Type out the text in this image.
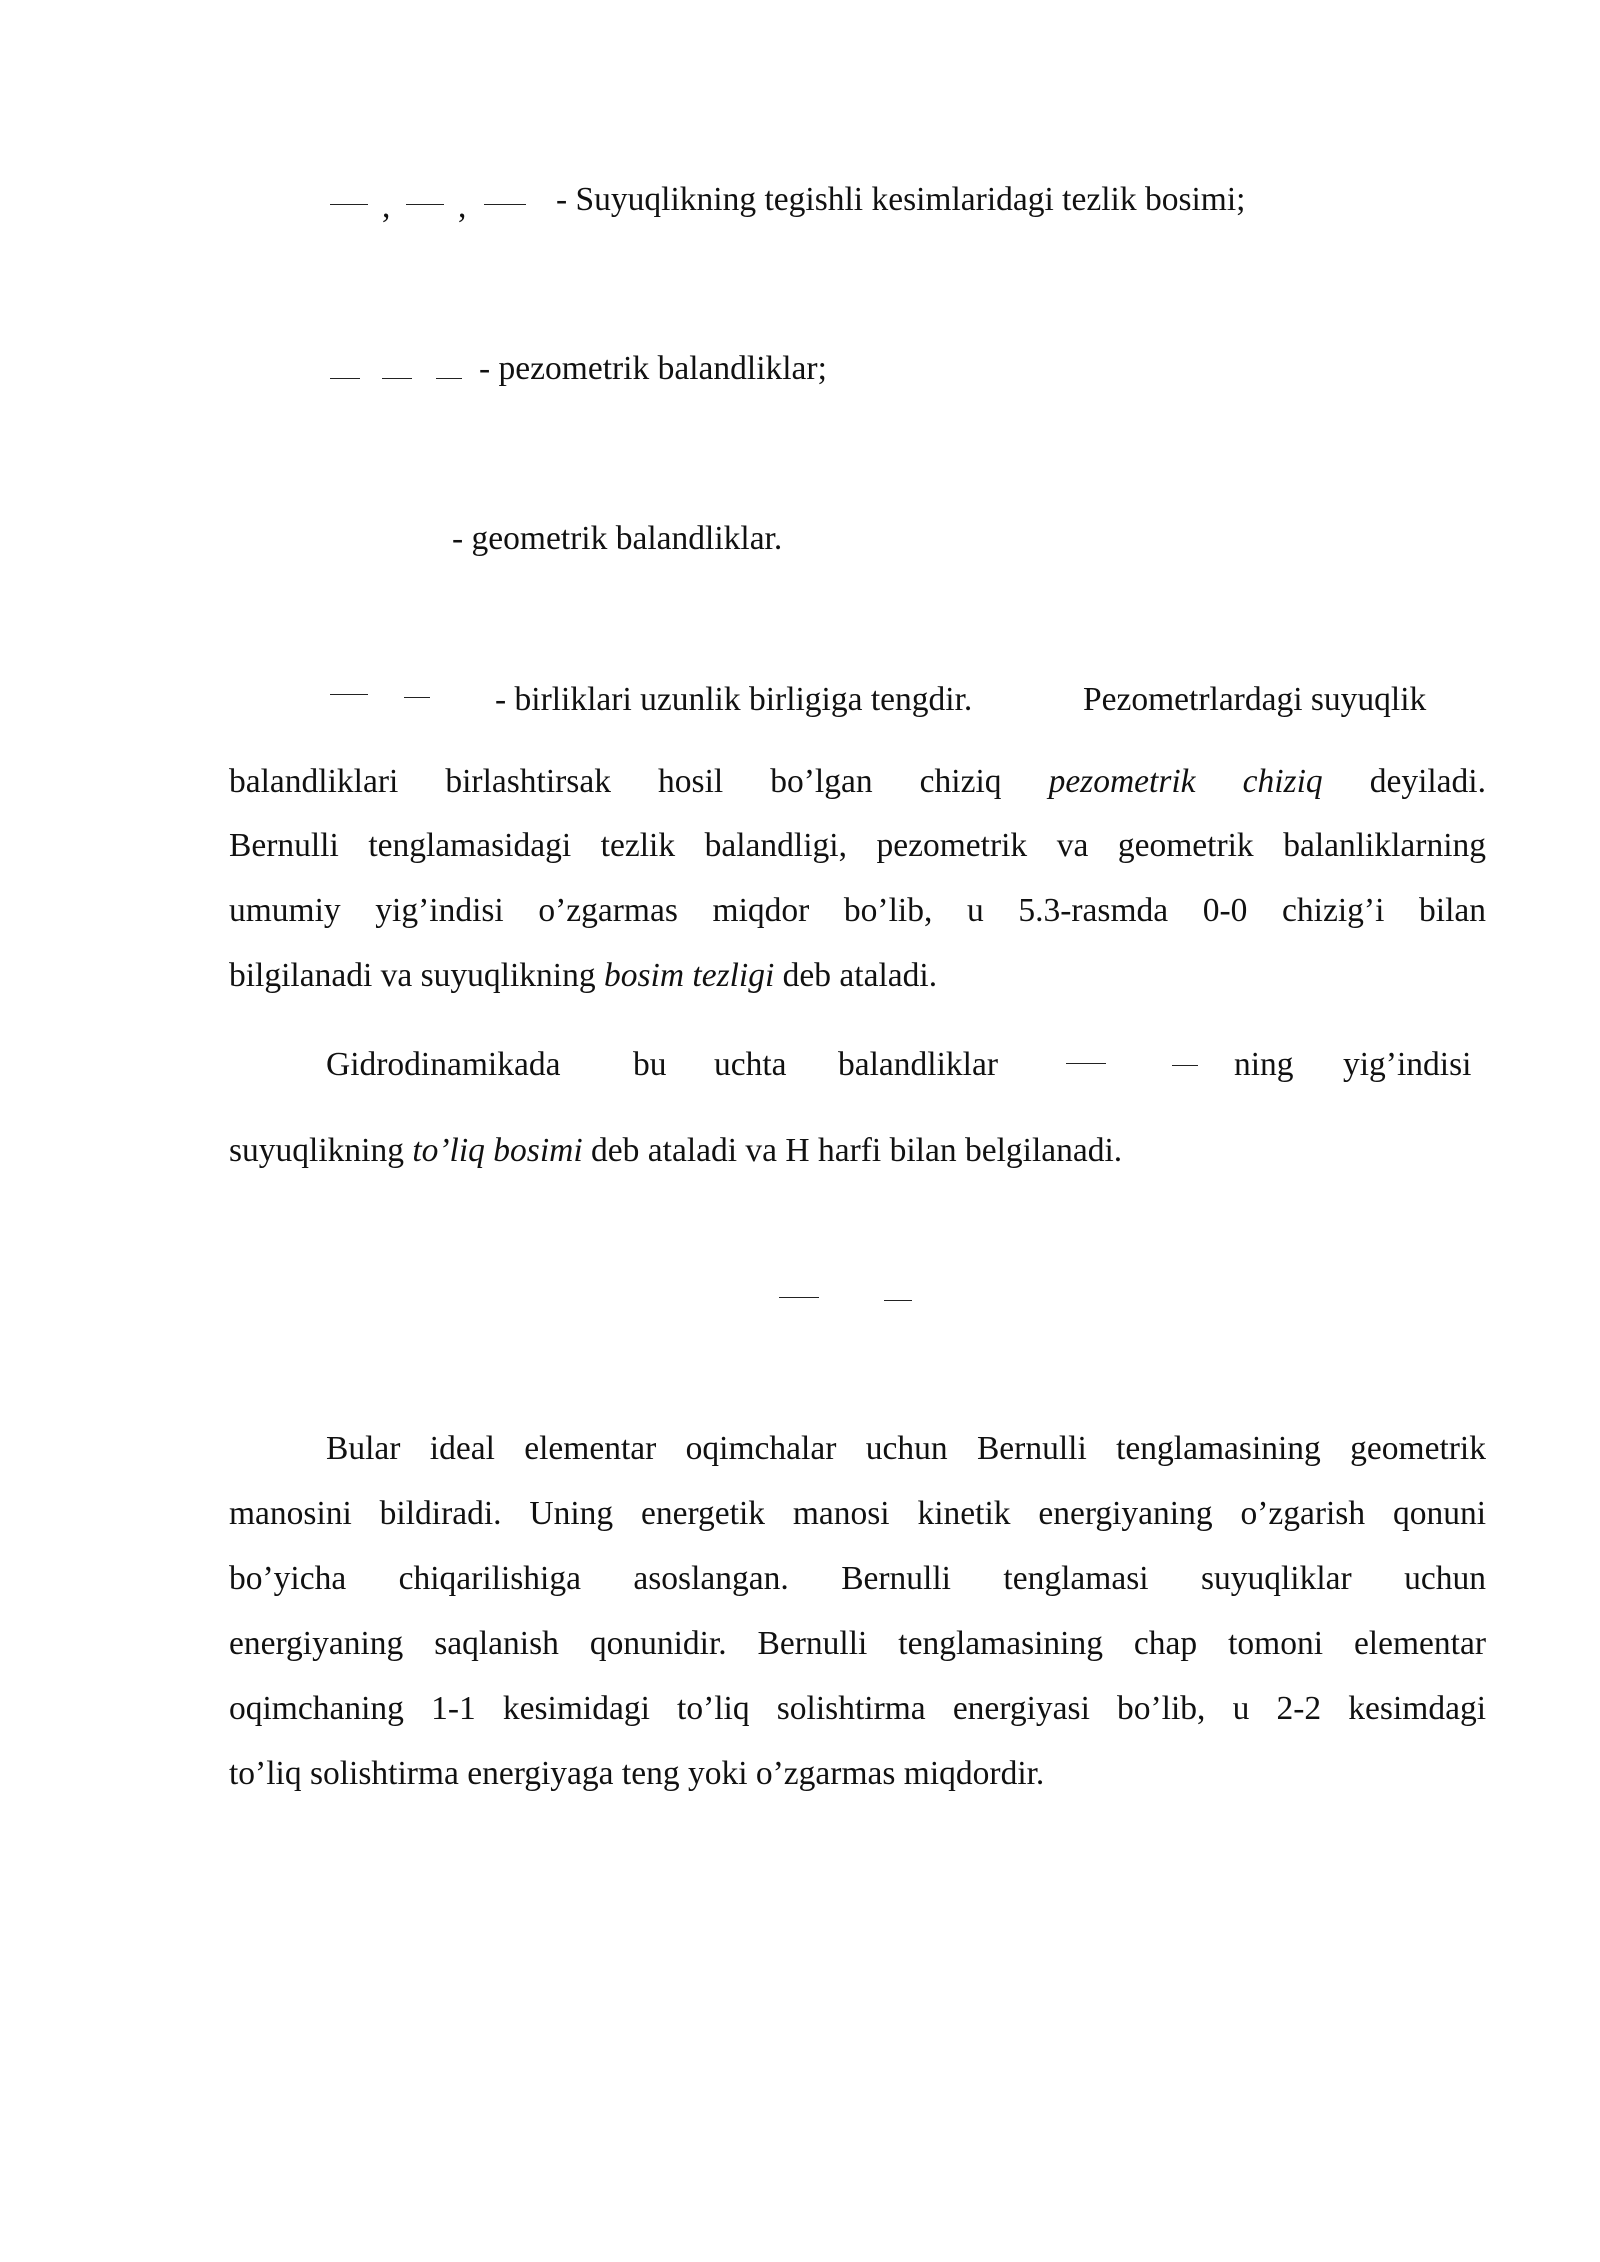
, ,	- Suyuqlikning tegishli kesimlaridagi tezlik bosimi;
- pezometrik balandliklar;
- geometrik balandliklar.
- birliklari uzunlik birligiga tengdir.	Pezometrlardagi suyuqlik
balandliklari birlashtirsak hosil bo’lgan chiziq pezometrik chiziq deyiladi.
Bernulli tenglamasidagi tezlik balandligi, pezometrik va geometrik balanliklarning
umumiy yig’indisi o’zgarmas miqdor bo’lib, u 5.3-rasmda 0-0 chizig’i bilan
bilgilanadi va suyuqlikning bosim tezligi deb ataladi.
Gidrodinamikada bu uchta balandliklar	ning yig’indisi
suyuqlikning to’liq bosimi deb ataladi va H harfi bilan belgilanadi.
Bular ideal elementar oqimchalar uchun Bernulli tenglamasining geometrik
manosini bildiradi. Uning energetik manosi kinetik energiyaning o’zgarish qonuni
bo’yicha chiqarilishiga asoslangan. Bernulli tenglamasi suyuqliklar uchun
energiyaning saqlanish qonunidir. Bernulli tenglamasining chap tomoni elementar
oqimchaning 1-1 kesimidagi to’liq solishtirma energiyasi bo’lib, u 2-2 kesimdagi
to’liq solishtirma energiyaga teng yoki o’zgarmas miqdordir.
